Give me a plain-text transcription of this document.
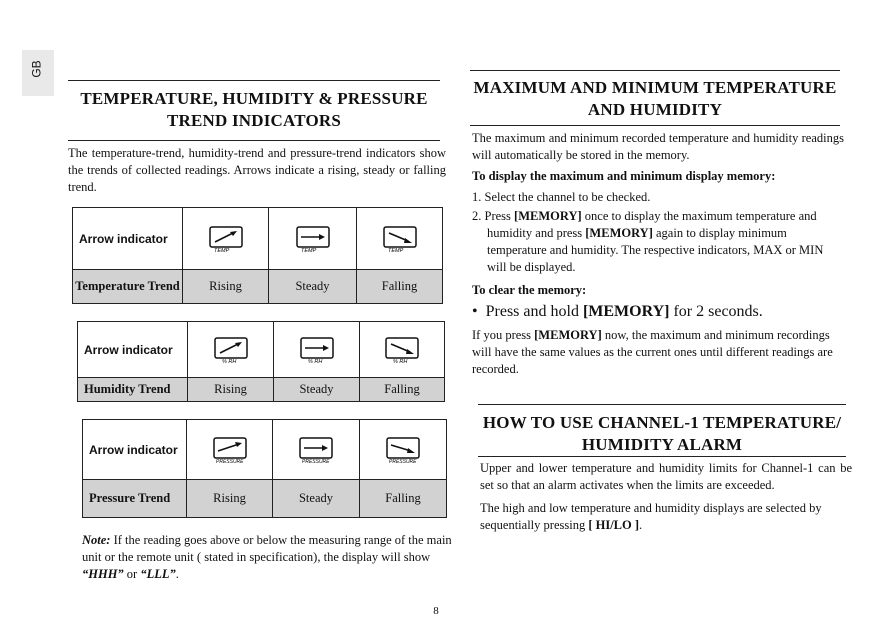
GB
TEMPERATURE, HUMIDITY & PRESSURE
TREND INDICATORS

The temperature-trend, humidity-trend and pressure-trend indicators show the trends of collected readings. Arrows indicate a rising, steady or falling trend.

Arrow indicator	TEMP	TEMP	TEMP

Temperature Trend	Rising	Steady	Falling
Arrow indicator	% RH	% RH	% RH

Humidity Trend	Rising	Steady	Falling
Arrow indicator	PRESSURE	PRESSURE	PRESSURE

Pressure Trend	Rising	Steady	Falling

Note: If the reading goes above or below the measuring range of the main unit or the remote unit ( stated in specification), the display will show “HHH” or “LLL”.

MAXIMUM AND MINIMUM TEMPERATURE
AND HUMIDITY

The maximum and minimum recorded temperature and humidity readings will automatically be stored in the memory.

To display the maximum and minimum display memory:

1. Select the channel to be checked.

2. Press [MEMORY] once to display the maximum temperature and humidity and press [MEMORY] again to display minimum temperature and humidity. The respective indicators, MAX or MIN will be displayed.

To clear the memory:

•  Press and hold [MEMORY] for 2 seconds.

If you press [MEMORY] now, the maximum and minimum recordings will have the same values as the current ones until different readings are recorded.

HOW TO USE CHANNEL-1 TEMPERATURE/
HUMIDITY ALARM

Upper and lower temperature and humidity limits for Channel-1 can be set so that an alarm activates when the limits are exceeded.

The high and low temperature and humidity displays are selected by sequentially pressing [ HI/LO ].

8
